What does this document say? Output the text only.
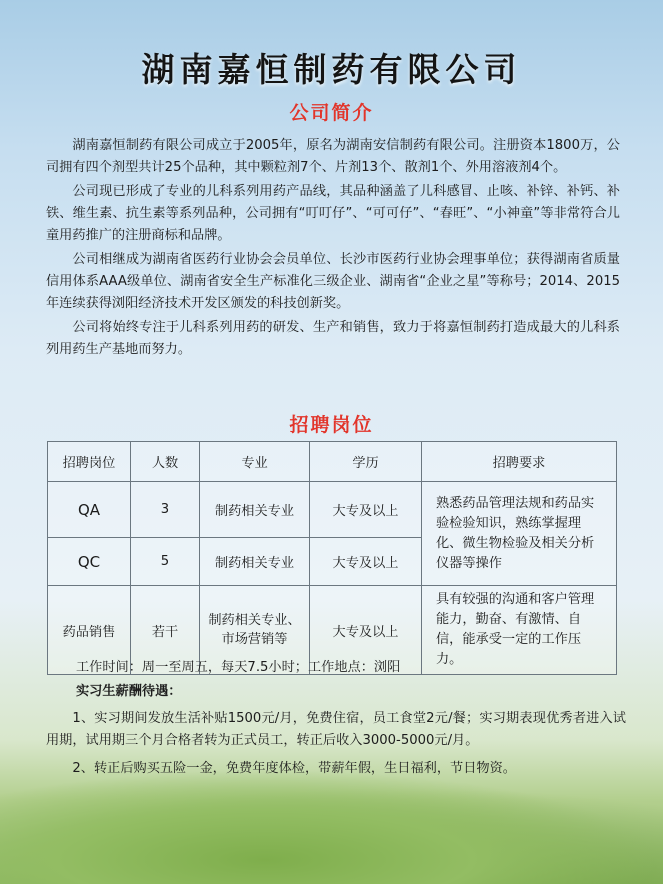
湖南嘉恒制药有限公司
公司简介

湖南嘉恒制药有限公司成立于2005年，原名为湖南安信制药有限公司。注册资本1800万，公司拥有四个剂型共计25个品种，其中颗粒剂7个、片剂13个、散剂1个、外用溶液剂4个。

公司现已形成了专业的儿科系列用药产品线，其品种涵盖了儿科感冒、止咳、补锌、补钙、补铁、维生素、抗生素等系列品种，公司拥有“叮叮仔”、“可可仔”、“春旺”、“小神童”等非常符合儿童用药推广的注册商标和品牌。

公司相继成为湖南省医药行业协会会员单位、长沙市医药行业协会理事单位；获得湖南省质量信用体系AAA级单位、湖南省安全生产标准化三级企业、湖南省“企业之星”等称号；2014、2015年连续获得浏阳经济技术开发区颁发的科技创新奖。

公司将始终专注于儿科系列用药的研发、生产和销售，致力于将嘉恒制药打造成最大的儿科系列用药生产基地而努力。

招聘岗位
招聘岗位	人数	专业	学历	招聘要求
QA	3	制药相关专业	大专及以上	熟悉药品管理法规和药品实验检验知识，熟练掌握理化、微生物检验及相关分析仪器等操作
QC	5	制药相关专业	大专及以上	
药品销售	若干	制药相关专业、市场营销等	大专及以上	具有较强的沟通和客户管理能力，勤奋、有激情、自信，能承受一定的工作压力。
工作时间：周一至周五，每天7.5小时；工作地点：浏阳
实习生薪酬待遇：
1、实习期间发放生活补贴1500元/月，免费住宿，员工食堂2元/餐；实习期表现优秀者进入试用期，试用期三个月合格者转为正式员工，转正后收入3000-5000元/月。
2、转正后购买五险一金，免费年度体检，带薪年假，生日福利，节日物资。
